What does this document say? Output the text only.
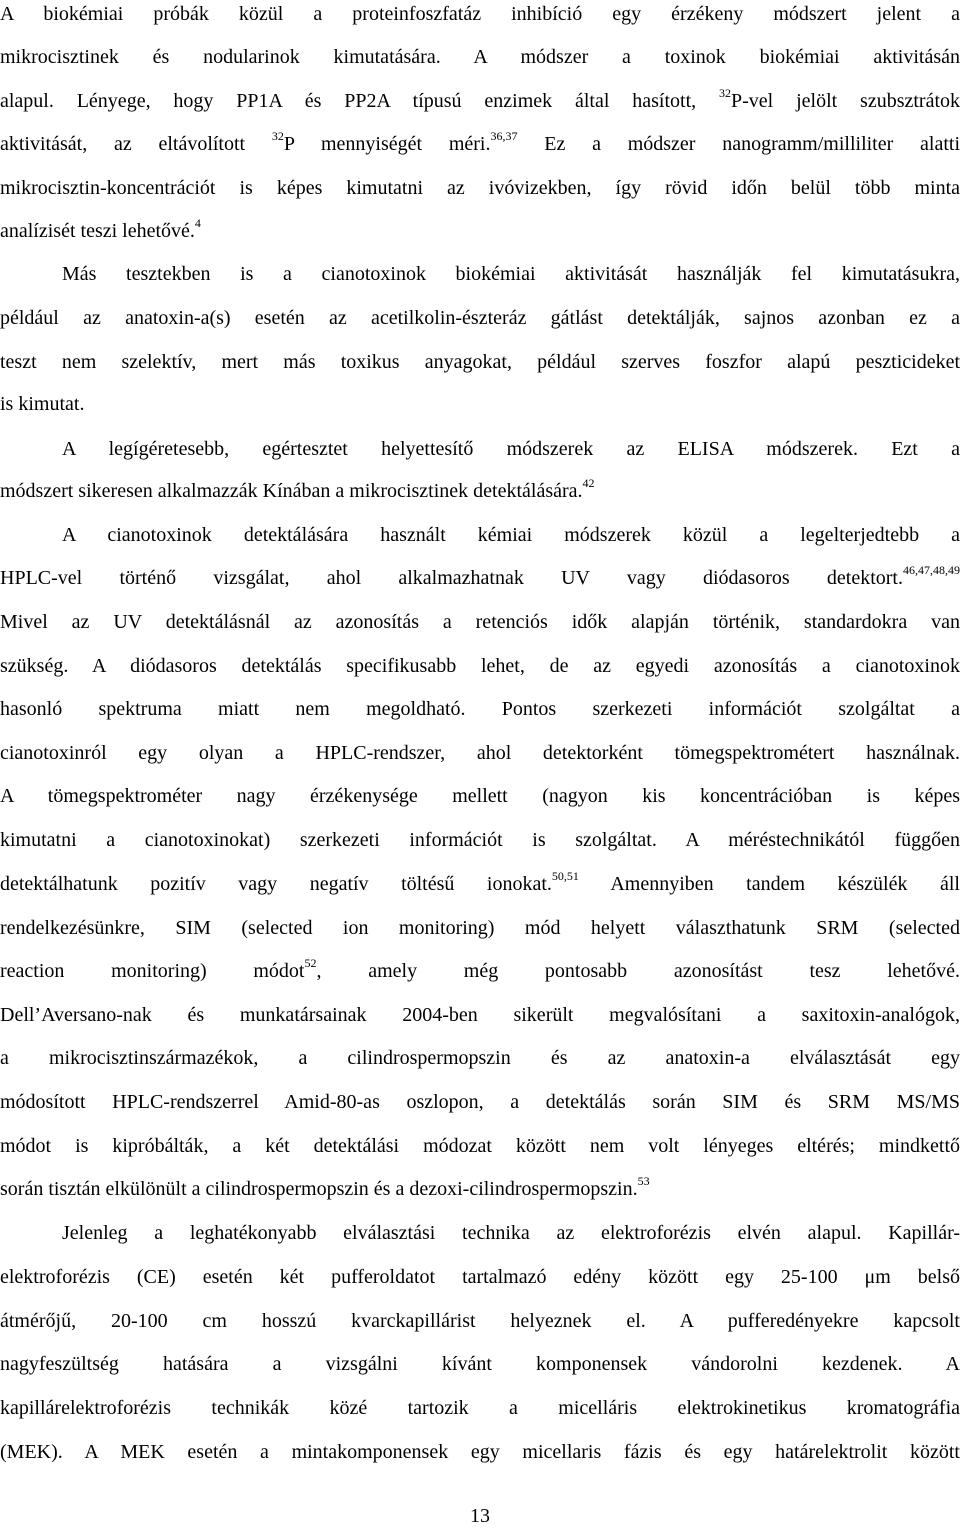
A biokémiai próbák közül a proteinfoszfatáz inhibíció egy érzékeny módszert jelent a
mikrocisztinek és nodularinok kimutatására. A módszer a toxinok biokémiai aktivitásán
alapul. Lényege, hogy PP1A és PP2A típusú enzimek által hasított, $^{32}$P-vel jelölt szubsztrátok
aktivitását, az eltávolított $^{32}$P mennyiségét méri.$^{36,37}$ Ez a módszer nanogramm/milliliter alatti
mikrocisztin-koncentrációt is képes kimutatni az ivóvizekben, így rövid időn belül több minta
analízisét teszi lehetővé.$^4$
Más tesztekben is a cianotoxinok biokémiai aktivitását használják fel kimutatásukra,
például az anatoxin-a(s) esetén az acetilkolin-észteráz gátlást detektálják, sajnos azonban ez a
teszt nem szelektív, mert más toxikus anyagokat, például szerves foszfor alapú peszticideket
is kimutat.
A legígéretesebb, egértesztet helyettesítő módszerek az ELISA módszerek. Ezt a
módszert sikeresen alkalmazzák Kínában a mikrocisztinek detektálására.$^{42}$
A cianotoxinok detektálására használt kémiai módszerek közül a legelterjedtebb a
HPLC-vel történő vizsgálat, ahol alkalmazhatnak UV vagy diódasoros detektort.$^{46,47,48,49}$
Mivel az UV detektálásnál az azonosítás a retenciós idők alapján történik, standardokra van
szükség. A diódasoros detektálás specifikusabb lehet, de az egyedi azonosítás a cianotoxinok
hasonló spektruma miatt nem megoldható. Pontos szerkezeti információt szolgáltat a
cianotoxinról egy olyan a HPLC-rendszer, ahol detektorként tömegspektrométert használnak.
A tömegspektrométer nagy érzékenysége mellett (nagyon kis koncentrációban is képes
kimutatni a cianotoxinokat) szerkezeti információt is szolgáltat. A méréstechnikától függően
detektálhatunk pozitív vagy negatív töltésű ionokat.$^{50,51}$ Amennyiben tandem készülék áll
rendelkezésünkre, SIM (selected ion monitoring) mód helyett választhatunk SRM (selected
reaction monitoring) módot$^{52}$, amely még pontosabb azonosítást tesz lehetővé.
Dell’Aversano-nak és munkatársainak 2004-ben sikerült megvalósítani a saxitoxin-analógok,
a mikrocisztinszármazékok, a cilindrospermopszin és az anatoxin-a elválasztását egy
módosított HPLC-rendszerrel Amid-80-as oszlopon, a detektálás során SIM és SRM MS/MS
módot is kipróbálták, a két detektálási módozat között nem volt lényeges eltérés; mindkettő
során tisztán elkülönült a cilindrospermopszin és a dezoxi-cilindrospermopszin.$^{53}$
Jelenleg a leghatékonyabb elválasztási technika az elektroforézis elvén alapul. Kapillár-
elektroforézis (CE) esetén két pufferoldatot tartalmazó edény között egy 25-100 μm belső
átmérőjű, 20-100 cm hosszú kvarckapillárist helyeznek el. A pufferedényekre kapcsolt
nagyfeszültség hatására a vizsgálni kívánt komponensek vándorolni kezdenek. A
kapillárelektroforézis technikák közé tartozik a micelláris elektrokinetikus kromatográfia
(MEK). A MEK esetén a mintakomponensek egy micellaris fázis és egy határelektrolit között
13
